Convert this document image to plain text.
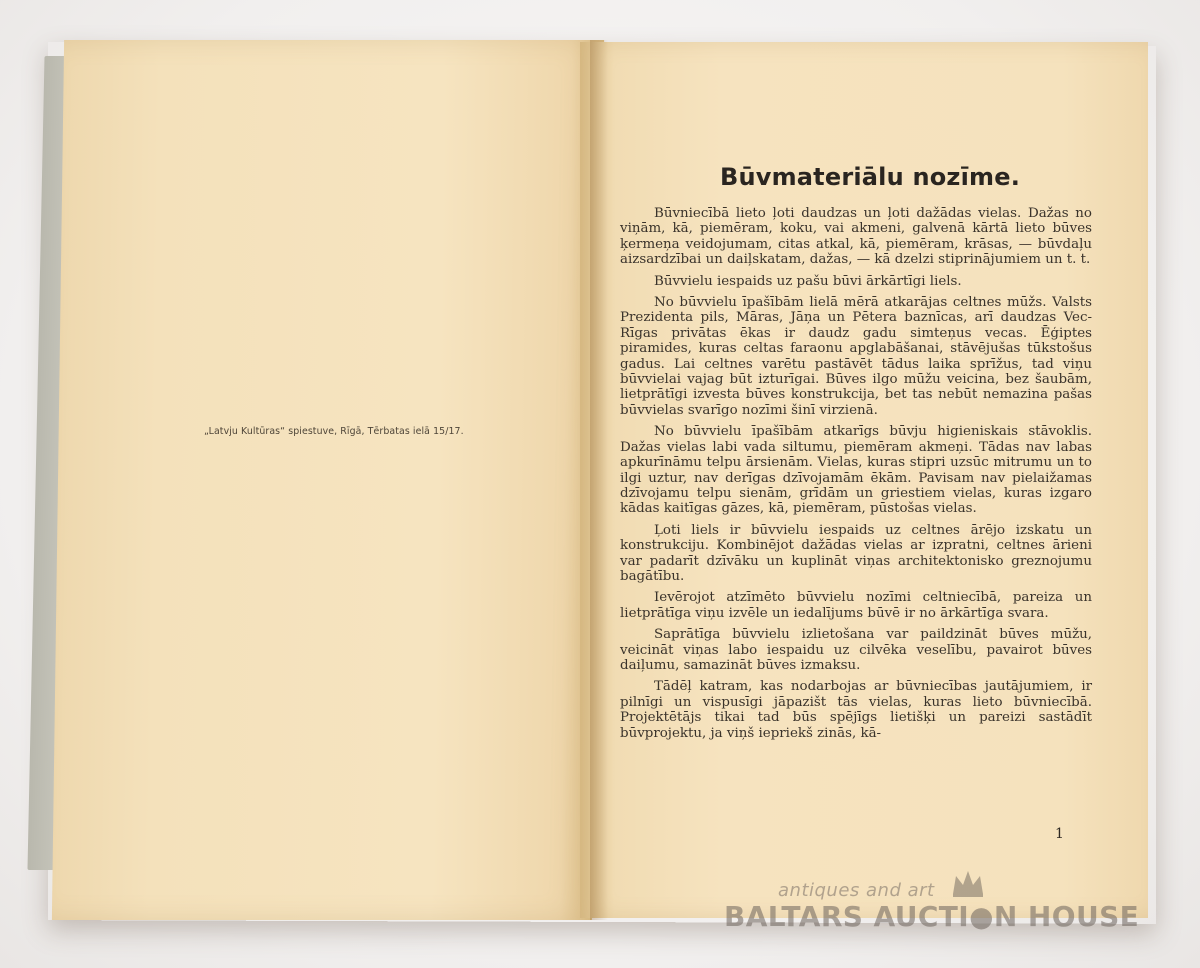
„Latvju Kultūras“ spiestuve, Rīgā, Tērbatas ielā 15/17.
Būvmateriālu nozīme.

Būvniecībā lieto ļoti daudzas un ļoti dažādas vielas. Dažas no viņām, kā, piemēram, koku, vai akmeni, galvenā kārtā lieto būves ķermeņa veidojumam, citas atkal, kā, piemēram, krāsas, — būvdaļu aizsardzībai un daiļskatam, dažas, — kā dzelzi stiprinājumiem un t. t.

Būvvielu iespaids uz pašu būvi ārkārtīgi liels.

No būvvielu īpašībām lielā mērā atkarājas celtnes mūžs. Valsts Prezidenta pils, Māras, Jāņa un Pētera baznīcas, arī daudzas Vec-Rīgas privātas ēkas ir daudz gadu simteņus vecas. Ēģiptes piramides, kuras celtas faraonu apglabāšanai, stāvējušas tūkstošus gadus. Lai celtnes varētu pastāvēt tādus laika sprīžus, tad viņu būvvielai vajag būt izturīgai. Būves ilgo mūžu veicina, bez šaubām, lietprātīgi izvesta būves konstrukcija, bet tas nebūt nemazina pašas būvvielas svarīgo nozīmi šinī virzienā.

No būvvielu īpašībām atkarīgs būvju higieniskais stāvoklis. Dažas vielas labi vada siltumu, piemēram akmeņi. Tādas nav labas apkurīnāmu telpu ārsienām. Vielas, kuras stipri uzsūc mitrumu un to ilgi uztur, nav derīgas dzīvojamām ēkām. Pavisam nav pielaižamas dzīvojamu telpu sienām, grīdām un griestiem vielas, kuras izgaro kādas kaitīgas gāzes, kā, piemēram, pūstošas vielas.

Ļoti liels ir būvvielu iespaids uz celtnes ārējo izskatu un konstrukciju. Kombinējot dažādas vielas ar izpratni, celtnes ārieni var padarīt dzīvāku un kuplināt viņas architektonisko greznojumu bagātību.

Ievērojot atzīmēto būvvielu nozīmi celtniecībā, pareiza un lietprātīga viņu izvēle un iedalījums būvē ir no ārkārtīga svara.

Saprātīga būvvielu izlietošana var paildzināt būves mūžu, veicināt viņas labo iespaidu uz cilvēka veselību, pavairot būves daiļumu, samazināt būves izmaksu.

Tādēļ katram, kas nodarbojas ar būvniecības jautājumiem, ir pilnīgi un vispusīgi jāpazišt tās vielas, kuras lieto būvniecībā. Projektētājs tikai tad būs spējīgs lietišķi un pareizi sastādīt būvprojektu, ja viņš iepriekš zinās, kā-

1
antiques and art
BALTARS AUCTI●N HOUSE
